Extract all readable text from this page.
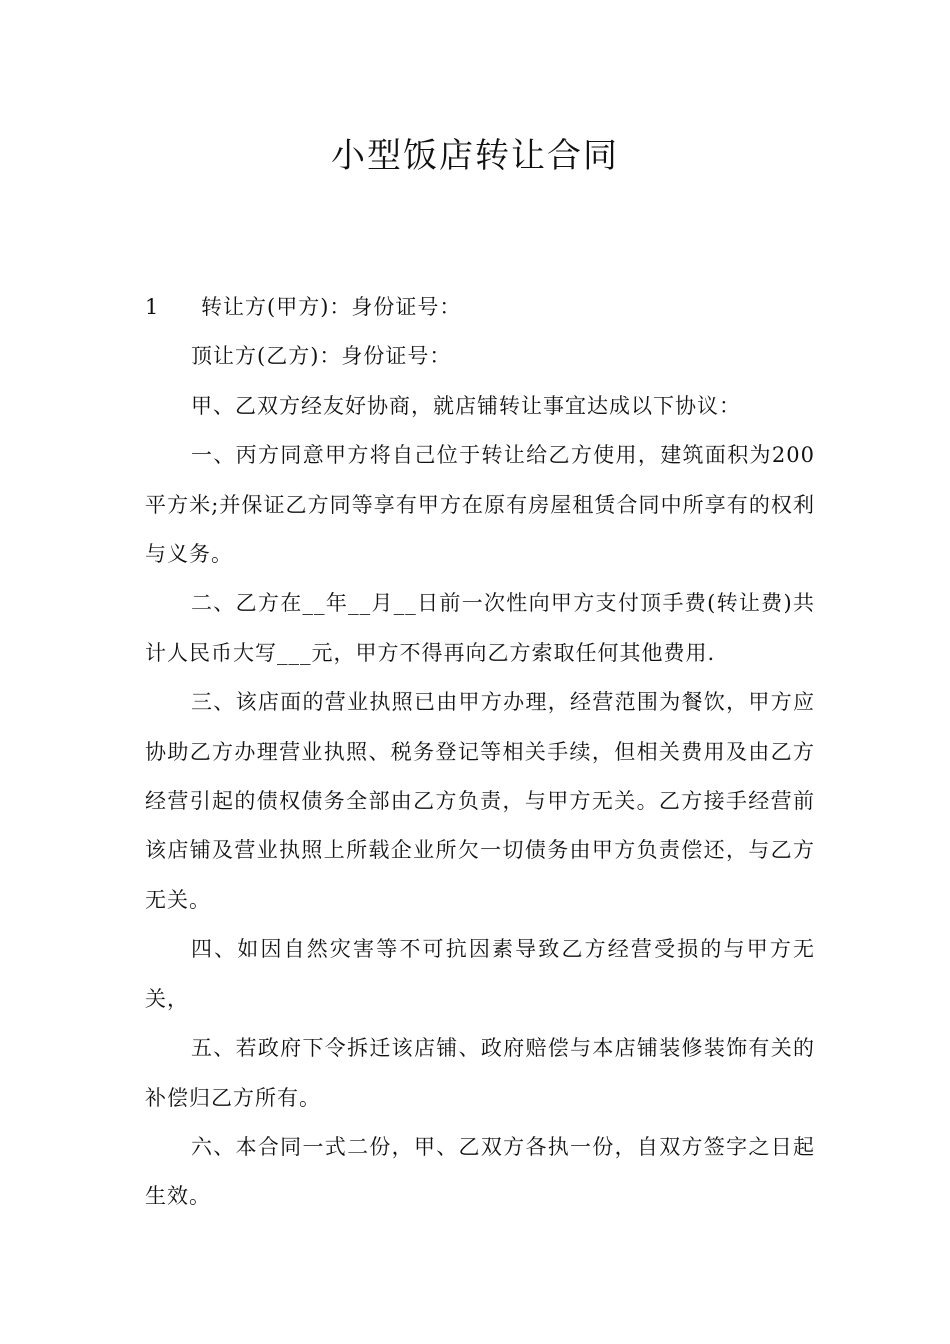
小型饭店转让合同

1 转让方(甲方)：身份证号：

顶让方(乙方)：身份证号：

甲、乙双方经友好协商，就店铺转让事宜达成以下协议：

一、丙方同意甲方将自己位于转让给乙方使用，建筑面积为200平方米;并保证乙方同等享有甲方在原有房屋租赁合同中所享有的权利与义务。

二、乙方在__年__月__日前一次性向甲方支付顶手费(转让费)共计人民币大写___元，甲方不得再向乙方索取任何其他费用.

三、该店面的营业执照已由甲方办理，经营范围为餐饮，甲方应协助乙方办理营业执照、税务登记等相关手续，但相关费用及由乙方经营引起的债权债务全部由乙方负责，与甲方无关。乙方接手经营前该店铺及营业执照上所载企业所欠一切债务由甲方负责偿还，与乙方无关。

四、如因自然灾害等不可抗因素导致乙方经营受损的与甲方无关，

五、若政府下令拆迁该店铺、政府赔偿与本店铺装修装饰有关的补偿归乙方所有。

六、本合同一式二份，甲、乙双方各执一份，自双方签字之日起生效。
